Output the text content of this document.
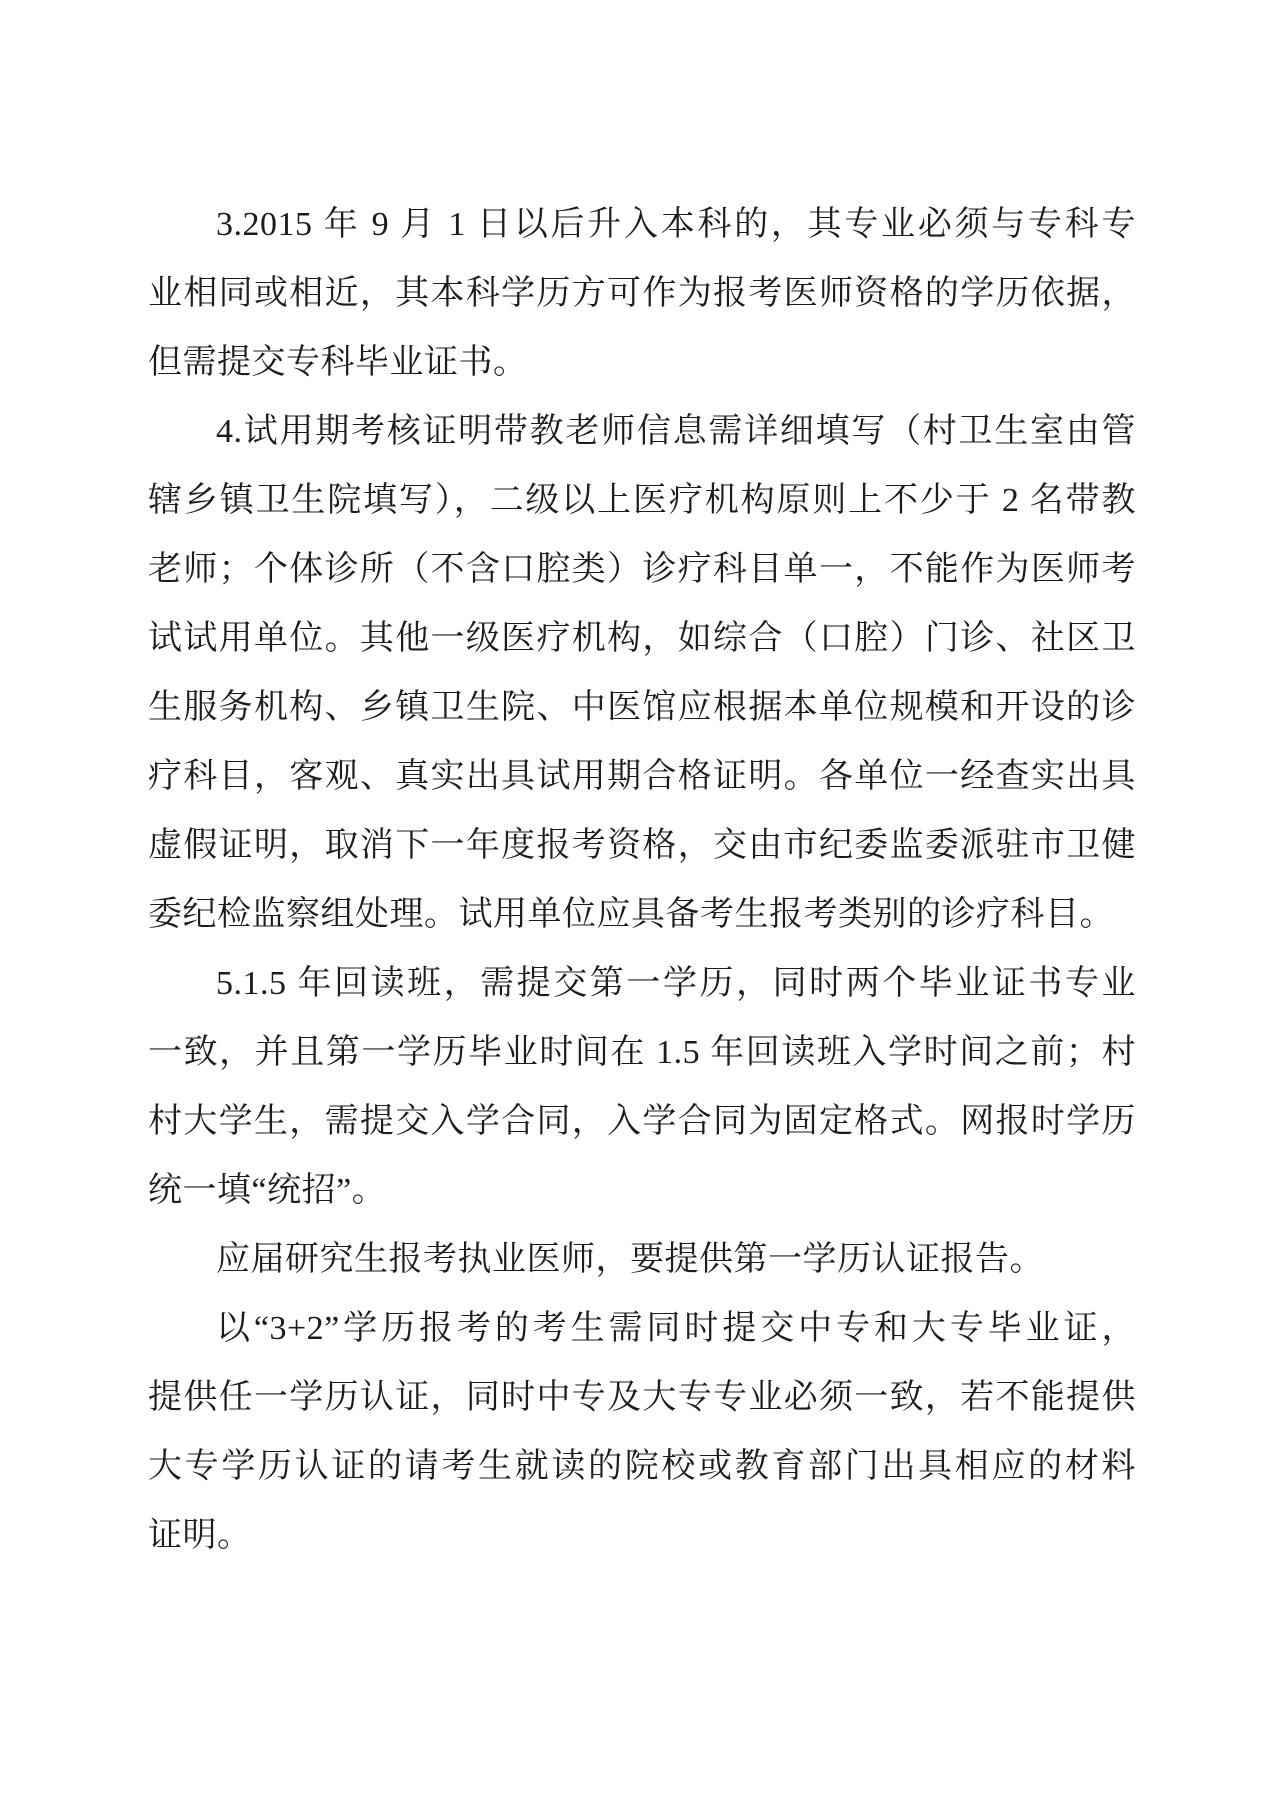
3.2015 年 9 月 1 日以后升入本科的，其专业必须与专科专
业相同或相近，其本科学历方可作为报考医师资格的学历依据，
但需提交专科毕业证书。
4.试用期考核证明带教老师信息需详细填写（村卫生室由管
辖乡镇卫生院填写），二级以上医疗机构原则上不少于 2 名带教
老师；个体诊所（不含口腔类）诊疗科目单一，不能作为医师考
试试用单位。其他一级医疗机构，如综合（口腔）门诊、社区卫
生服务机构、乡镇卫生院、中医馆应根据本单位规模和开设的诊
疗科目，客观、真实出具试用期合格证明。各单位一经查实出具
虚假证明，取消下一年度报考资格，交由市纪委监委派驻市卫健
委纪检监察组处理。试用单位应具备考生报考类别的诊疗科目。
5.1.5 年回读班，需提交第一学历，同时两个毕业证书专业
一致，并且第一学历毕业时间在 1.5 年回读班入学时间之前；村
村大学生，需提交入学合同，入学合同为固定格式。网报时学历
统一填“统招”。
应届研究生报考执业医师，要提供第一学历认证报告。
以“3+2”学历报考的考生需同时提交中专和大专毕业证，
提供任一学历认证，同时中专及大专专业必须一致，若不能提供
大专学历认证的请考生就读的院校或教育部门出具相应的材料
证明。
